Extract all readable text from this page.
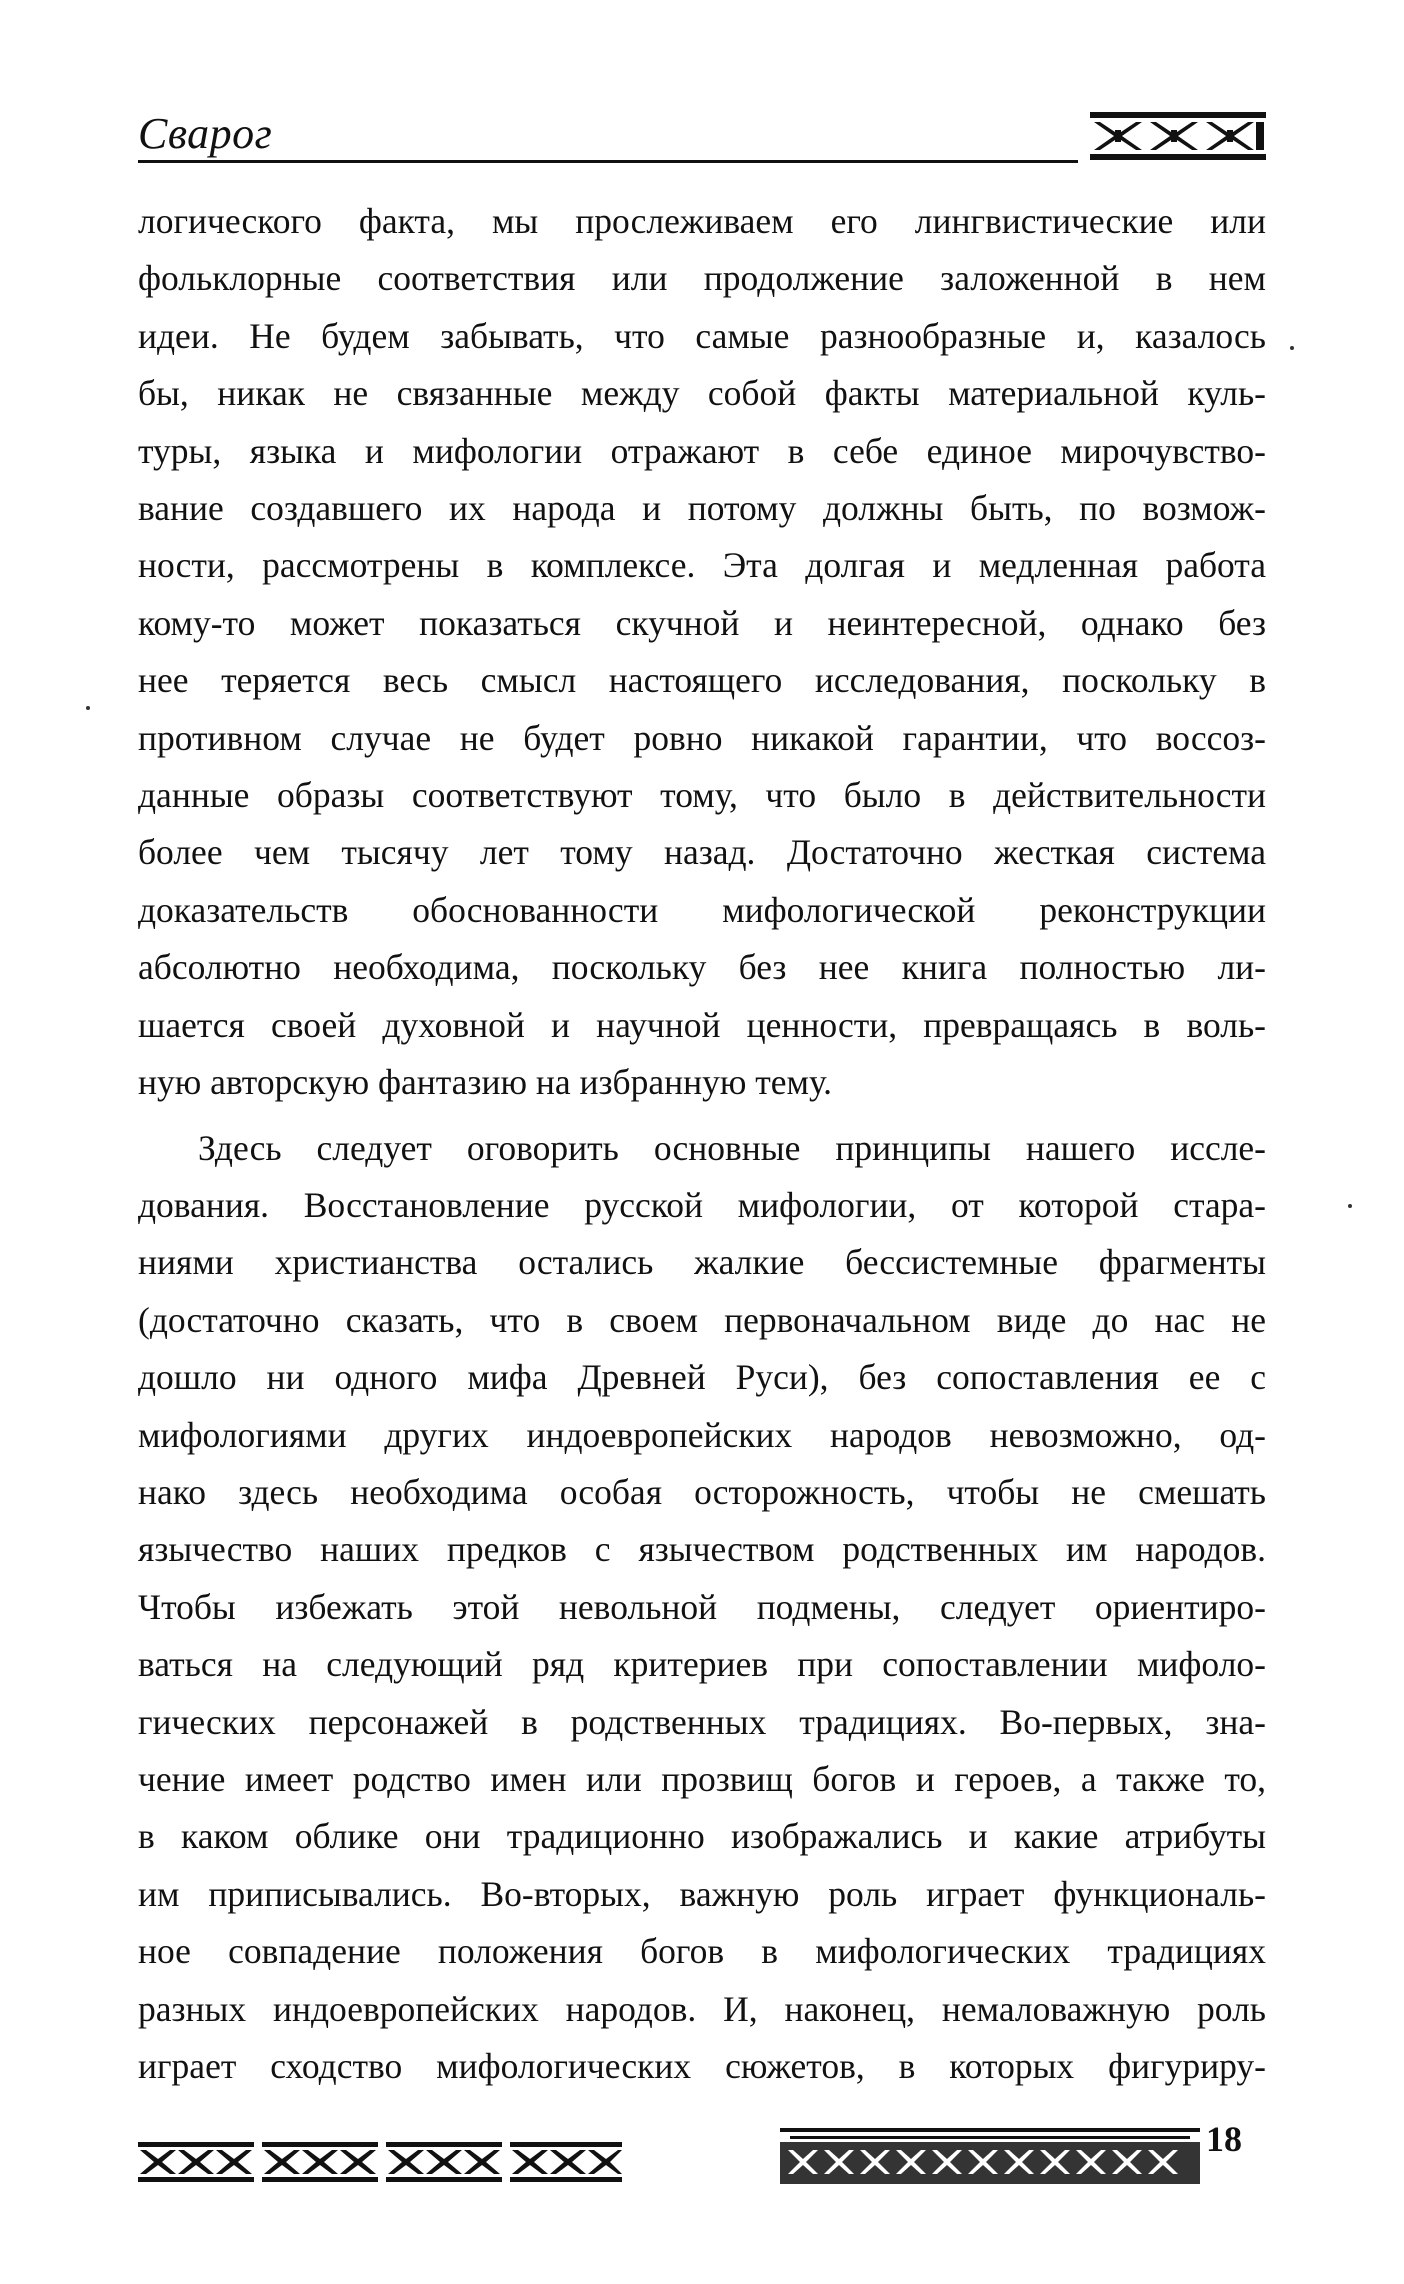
Сварог
логического факта, мы прослеживаем его лингвистические или
фольклорные соответствия или продолжение заложенной в нем
идеи. Не будем забывать, что самые разнообразные и, казалось
бы, никак не связанные между собой факты материальной куль-
туры, языка и мифологии отражают в себе единое мирочувство-
вание создавшего их народа и потому должны быть, по возмож-
ности, рассмотрены в комплексе. Эта долгая и медленная работа
кому-то может показаться скучной и неинтересной, однако без
нее теряется весь смысл настоящего исследования, поскольку в
противном случае не будет ровно никакой гарантии, что воссоз-
данные образы соответствуют тому, что было в действительности
более чем тысячу лет тому назад. Достаточно жесткая система
доказательств обоснованности мифологической реконструкции
абсолютно необходима, поскольку без нее книга полностью ли-
шается своей духовной и научной ценности, превращаясь в воль-
ную авторскую фантазию на избранную тему.
Здесь следует оговорить основные принципы нашего иссле-
дования. Восстановление русской мифологии, от которой стара-
ниями христианства остались жалкие бессистемные фрагменты
(достаточно сказать, что в своем первоначальном виде до нас не
дошло ни одного мифа Древней Руси), без сопоставления ее с
мифологиями других индоевропейских народов невозможно, од-
нако здесь необходима особая осторожность, чтобы не смешать
язычество наших предков с язычеством родственных им народов.
Чтобы избежать этой невольной подмены, следует ориентиро-
ваться на следующий ряд критериев при сопоставлении мифоло-
гических персонажей в родственных традициях. Во-первых, зна-
чение имеет родство имен или прозвищ богов и героев, а также то,
в каком облике они традиционно изображались и какие атрибуты
им приписывались. Во-вторых, важную роль играет функциональ-
ное совпадение положения богов в мифологических традициях
разных индоевропейских народов. И, наконец, немаловажную роль
играет сходство мифологических сюжетов, в которых фигуриру-
18
